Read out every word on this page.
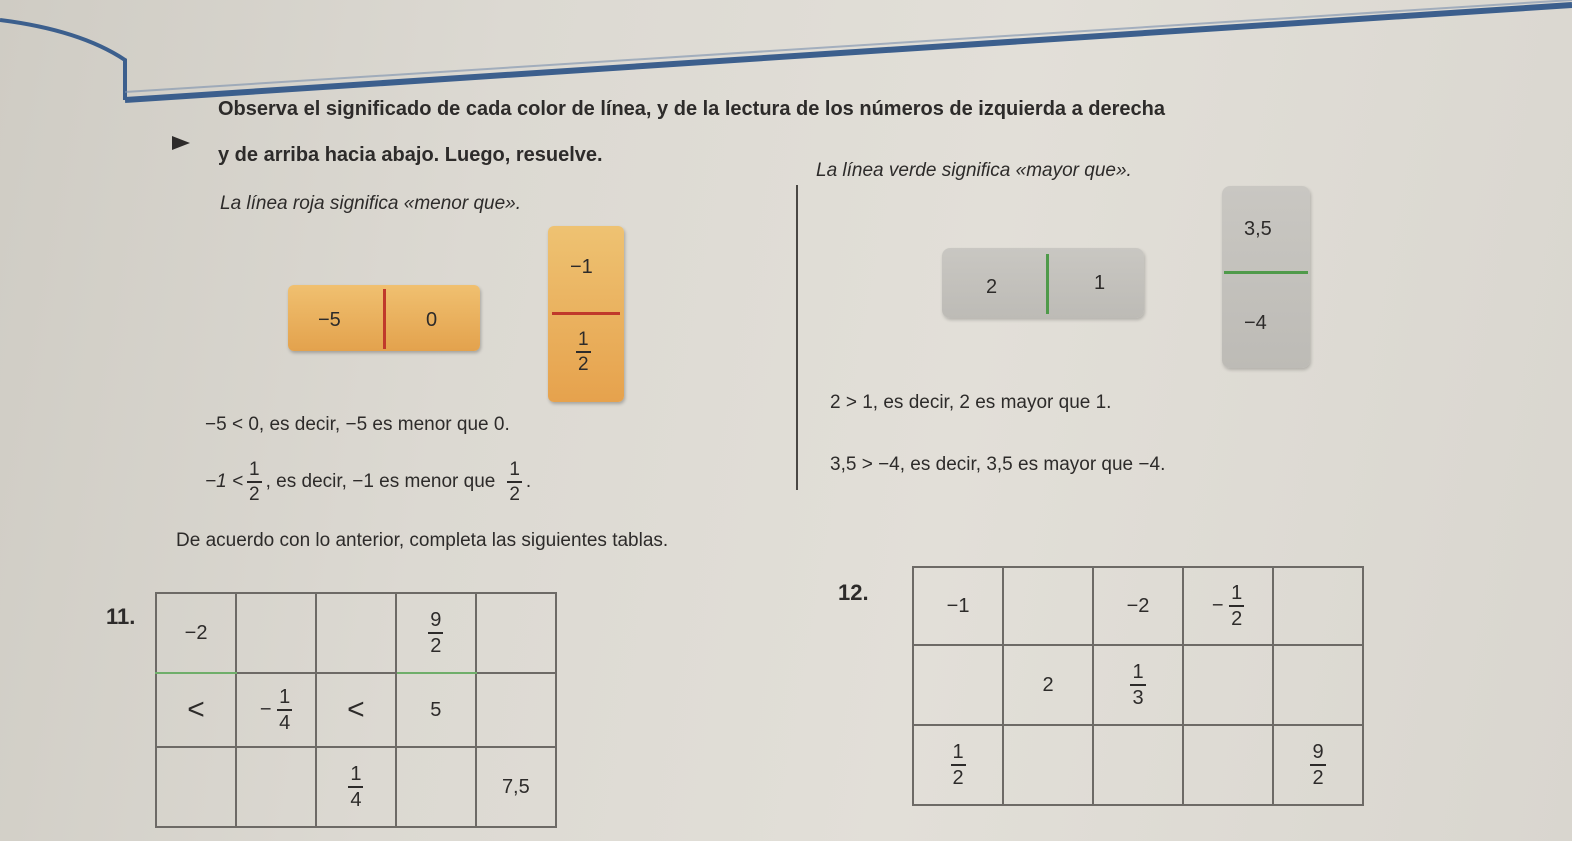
Observa el significado de cada color de línea, y de la lectura de los números de izquierda a derecha
y de arriba hacia abajo. Luego, resuelve.
La línea roja significa «menor que».
La línea verde significa «mayor que».
−5	0
−1
$\frac{1}{2}$
2	1
3,5
−4
−5 < 0, es decir, −5 es menor que 0.
$-1 < \frac{1}{2}$ , es decir, −1 es menor que $\frac{1}{2}$ .
2 > 1, es decir, 2 es mayor que 1.
3,5 > −4, es decir, 3,5 es mayor que −4.
De acuerdo con lo anterior, completa las siguientes tablas.
11.
−2			$\frac{9}{2}$

<	− $\frac{1}{4}$	<	5	

		$\frac{1}{4}$		7,5
12.
−1		−2	− $\frac{1}{2}$

	2	$\frac{1}{3}$

$\frac{1}{2}$				$\frac{9}{2}$
